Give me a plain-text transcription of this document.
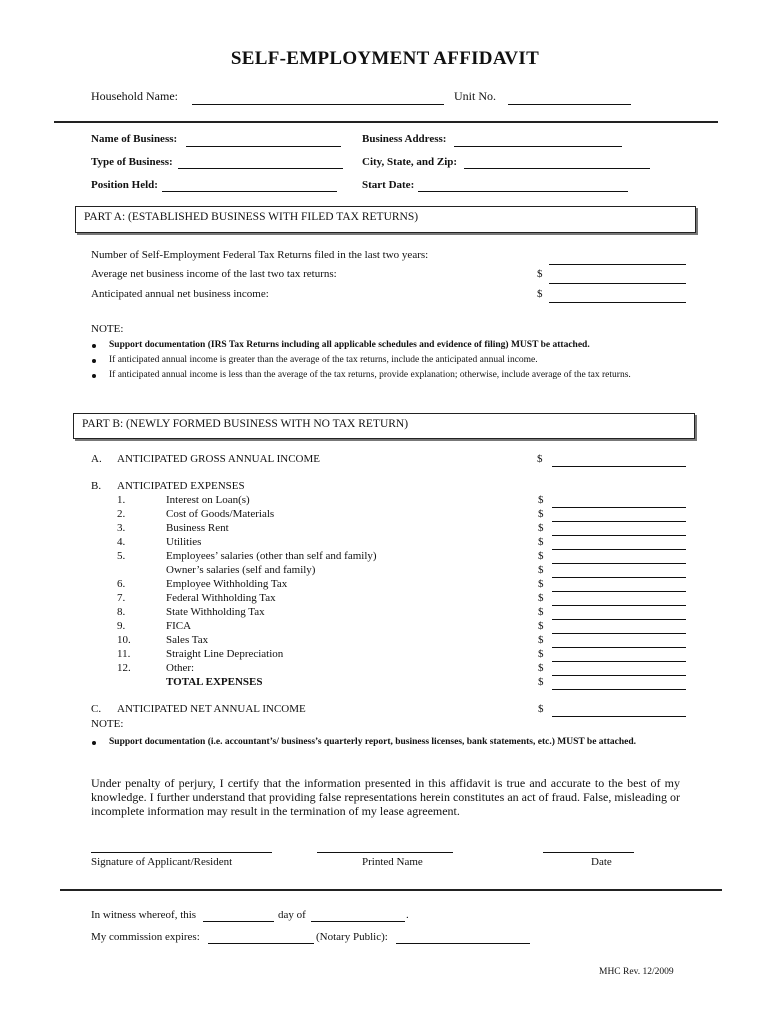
SELF-EMPLOYMENT AFFIDAVIT
Household Name:	Unit No.
Name of Business:	Business Address:
Type of Business:	City, State, and Zip:
Position Held:	Start Date:
PART A: (ESTABLISHED BUSINESS WITH FILED TAX RETURNS)
Number of Self-Employment Federal Tax Returns filed in the last two years:
Average net business income of the last two tax returns:	$
Anticipated annual net business income:	$
NOTE:
Support documentation (IRS Tax Returns including all applicable schedules and evidence of filing) MUST be attached.
If anticipated annual income is greater than the average of the tax returns, include the anticipated annual income.
If anticipated annual income is less than the average of the tax returns, provide explanation; otherwise, include average of the tax returns.
PART B: (NEWLY FORMED BUSINESS WITH NO TAX RETURN)
A. ANTICIPATED GROSS ANNUAL INCOME	$
B. ANTICIPATED EXPENSES
1.	Interest on Loan(s)	$
2.	Cost of Goods/Materials	$
3.	Business Rent	$
4.	Utilities	$
5.	Employees’ salaries (other than self and family)	$
Owner’s salaries (self and family)	$
6.	Employee Withholding Tax	$
7.	Federal Withholding Tax	$
8.	State Withholding Tax	$
9.	FICA	$
10.	Sales Tax	$
11.	Straight Line Depreciation	$
12.	Other:	$
TOTAL EXPENSES	$
C. ANTICIPATED NET ANNUAL INCOME	$
NOTE:
Support documentation (i.e. accountant’s/ business’s quarterly report, business licenses, bank statements, etc.) MUST be attached.
Under penalty of perjury, I certify that the information presented in this affidavit is true and accurate to the best of my knowledge. I further understand that providing false representations herein constitutes an act of fraud. False, misleading or incomplete information may result in the termination of my lease agreement.
Signature of Applicant/Resident	Printed Name	Date
In witness whereof, this	day of	.
My commission expires:	(Notary Public):
MHC Rev. 12/2009
